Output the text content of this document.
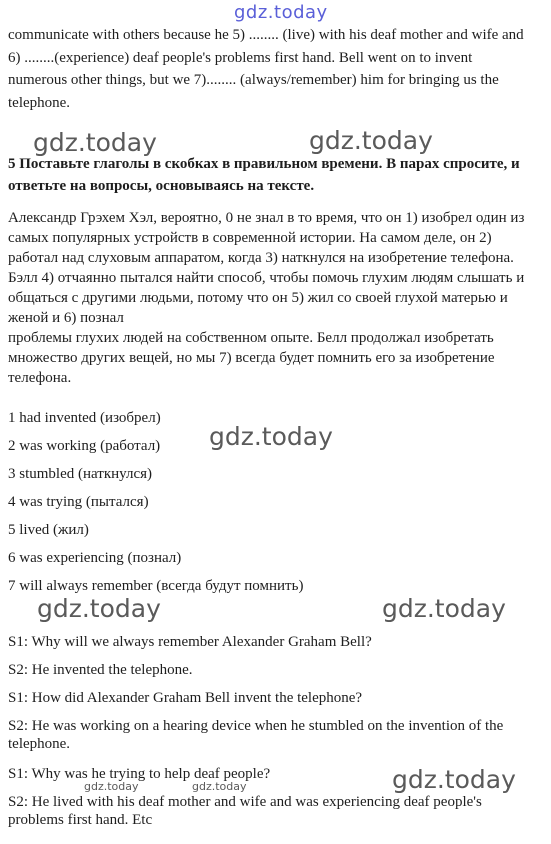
gdz.today
gdz.today	gdz.today
gdz.today
gdz.today	gdz.today
gdz.today
gdz.today	gdz.today

communicate with others because he 5) ........ (live) with his deaf mother and wife and 6) ........(experience) deaf people's problems first hand. Bell went on to invent numerous other things, but we 7)........ (always/remember) him for bringing us the telephone.

5 Поставьте глаголы в скобках в правильном времени. В парах спросите, и ответьте на вопросы, основываясь на тексте.

Александр Грэхем Хэл, вероятно, 0 не знал в то время, что он 1) изобрел один из самых популярных устройств в современной истории. На самом деле, он 2) работал над слуховым аппаратом, когда 3) наткнулся на изобретение телефона. Бэлл 4) отчаянно пытался найти способ, чтобы помочь глухим людям слышать и общаться с другими людьми, потому что он 5) жил со своей глухой матерью и женой и 6) познал
проблемы глухих людей на собственном опыте. Белл продолжал изобретать множество других вещей, но мы 7) всегда будет помнить его за изобретение телефона.
1 had invented (изобрел)
2 was working (работал)
3 stumbled (наткнулся)
4 was trying (пытался)
5 lived (жил)
6 was experiencing (познал)
7 will always remember (всегда будут помнить)
S1: Why will we always remember Alexander Graham Bell?
S2: He invented the telephone.
S1: How did Alexander Graham Bell invent the telephone?
S2: He was working on a hearing device when he stumbled on the invention of the telephone.
S1: Why was he trying to help deaf people?
S2: He lived with his deaf mother and wife and was experiencing deaf people's problems first hand. Etc
